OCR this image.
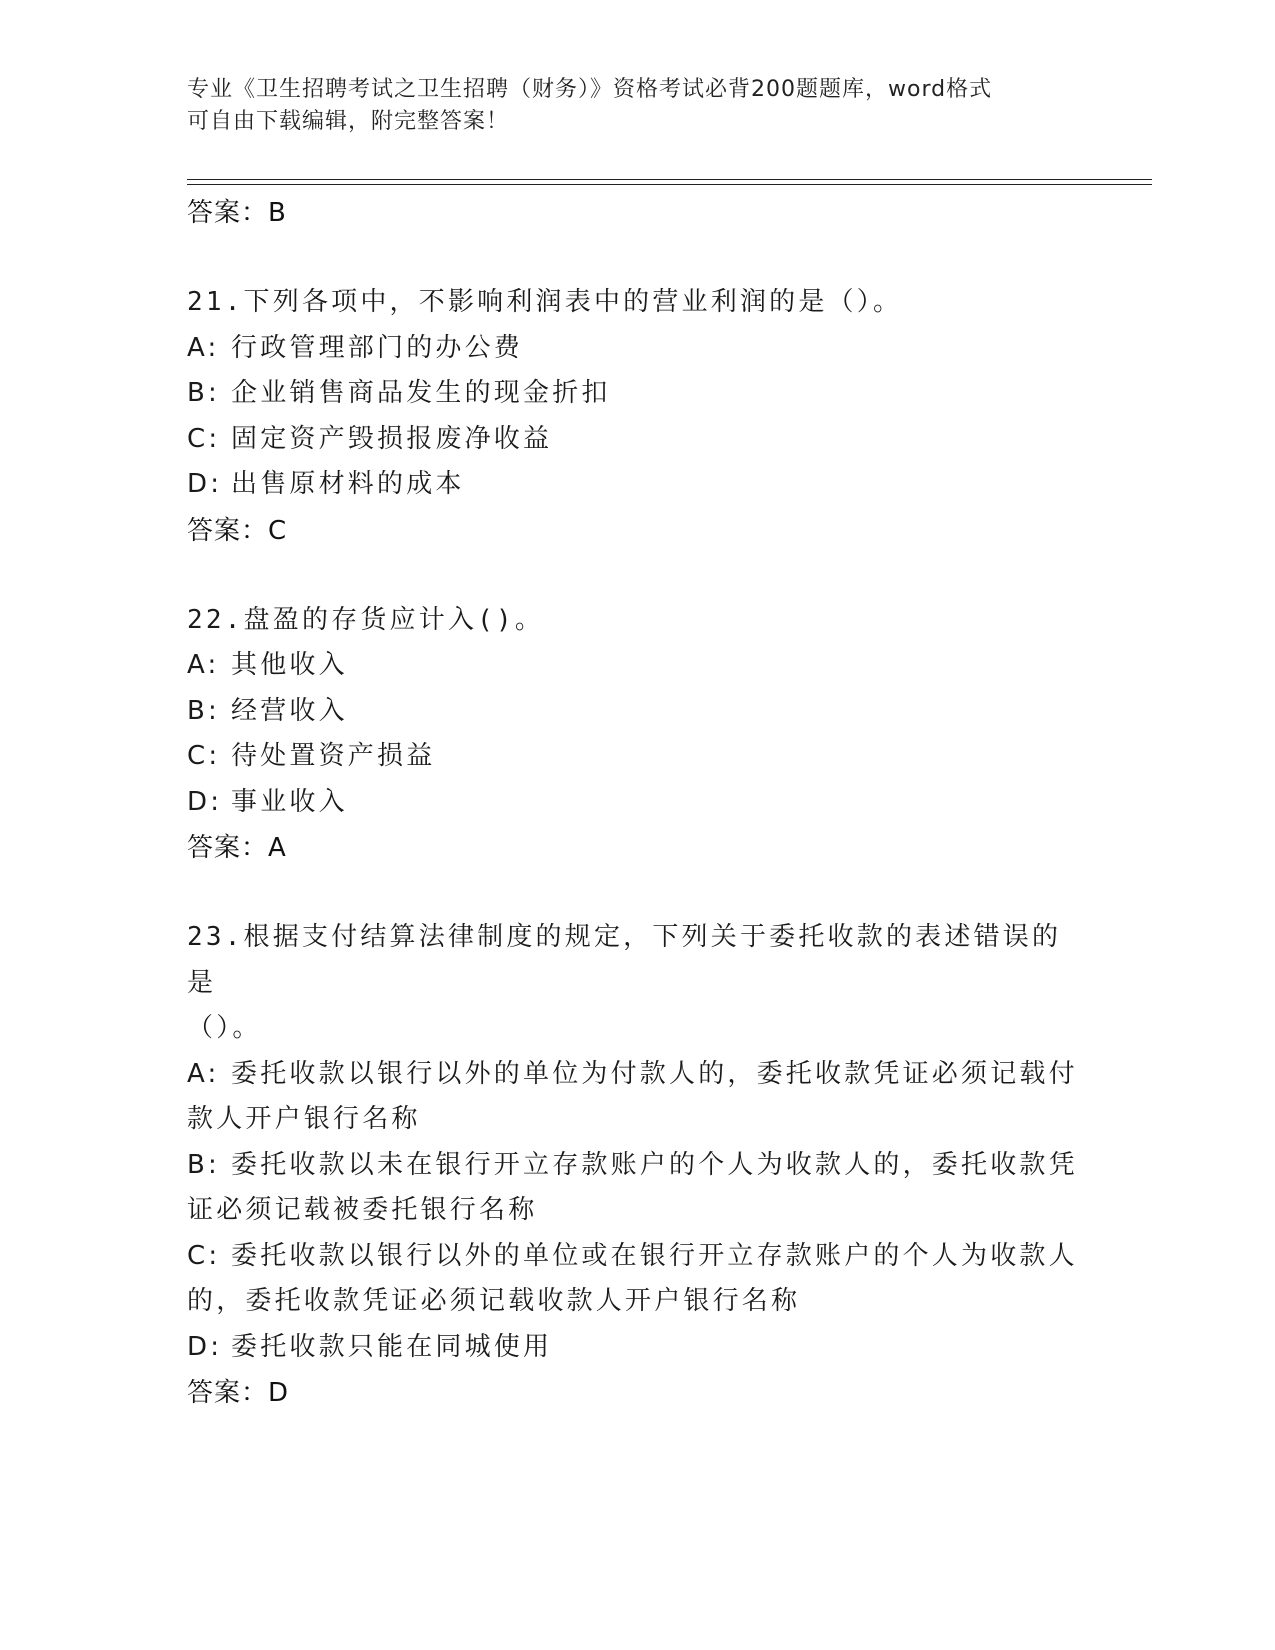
专业《卫生招聘考试之卫生招聘（财务）》资格考试必背200题题库，word格式
可自由下载编辑，附完整答案！
答案：B
21.下列各项中，不影响利润表中的营业利润的是（）。
A: 行政管理部门的办公费
B: 企业销售商品发生的现金折扣
C: 固定资产毁损报废净收益
D: 出售原材料的成本
答案：C
22.盘盈的存货应计入()。
A: 其他收入
B: 经营收入
C: 待处置资产损益
D: 事业收入
答案：A
23.根据支付结算法律制度的规定，下列关于委托收款的表述错误的是
（）。
A: 委托收款以银行以外的单位为付款人的，委托收款凭证必须记载付
款人开户银行名称
B: 委托收款以未在银行开立存款账户的个人为收款人的，委托收款凭
证必须记载被委托银行名称
C: 委托收款以银行以外的单位或在银行开立存款账户的个人为收款人
的，委托收款凭证必须记载收款人开户银行名称
D: 委托收款只能在同城使用
答案：D
